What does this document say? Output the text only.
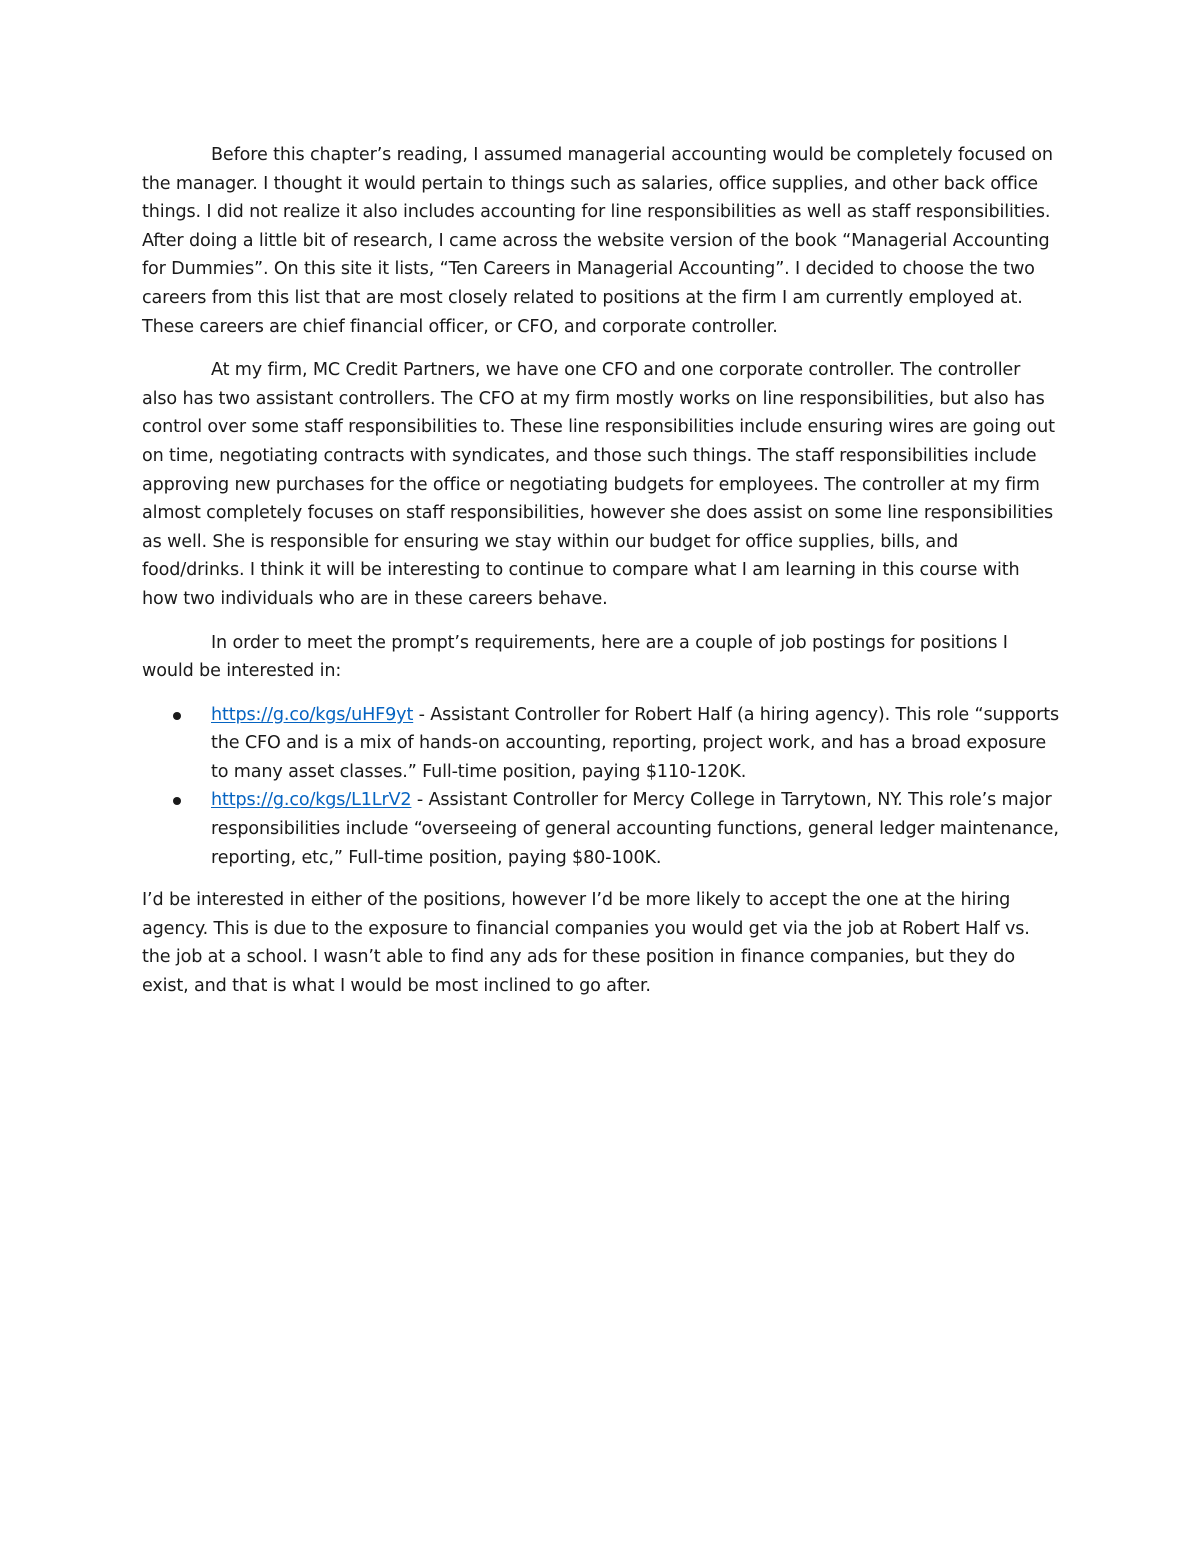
Before this chapter’s reading, I assumed managerial accounting would be completely focused on the manager. I thought it would pertain to things such as salaries, office supplies, and other back office things. I did not realize it also includes accounting for line responsibilities as well as staff responsibilities. After doing a little bit of research, I came across the website version of the book “Managerial Accounting for Dummies”. On this site it lists, “Ten Careers in Managerial Accounting”. I decided to choose the two careers from this list that are most closely related to positions at the firm I am currently employed at. These careers are chief financial officer, or CFO, and corporate controller.

At my firm, MC Credit Partners, we have one CFO and one corporate controller. The controller also has two assistant controllers. The CFO at my firm mostly works on line responsibilities, but also has control over some staff responsibilities to. These line responsibilities include ensuring wires are going out on time, negotiating contracts with syndicates, and those such things. The staff responsibilities include approving new purchases for the office or negotiating budgets for employees. The controller at my firm almost completely focuses on staff responsibilities, however she does assist on some line responsibilities as well. She is responsible for ensuring we stay within our budget for office supplies, bills, and food/drinks. I think it will be interesting to continue to compare what I am learning in this course with how two individuals who are in these careers behave.

In order to meet the prompt’s requirements, here are a couple of job postings for positions I would be interested in:

https://g.co/kgs/uHF9yt - Assistant Controller for Robert Half (a hiring agency). This role “supports the CFO and is a mix of hands-on accounting, reporting, project work, and has a broad exposure to many asset classes.” Full-time position, paying $110-120K.
https://g.co/kgs/L1LrV2 - Assistant Controller for Mercy College in Tarrytown, NY. This role’s major responsibilities include “overseeing of general accounting functions, general ledger maintenance, reporting, etc,” Full-time position, paying $80-100K.

I’d be interested in either of the positions, however I’d be more likely to accept the one at the hiring agency. This is due to the exposure to financial companies you would get via the job at Robert Half vs. the job at a school. I wasn’t able to find any ads for these position in finance companies, but they do exist, and that is what I would be most inclined to go after.
